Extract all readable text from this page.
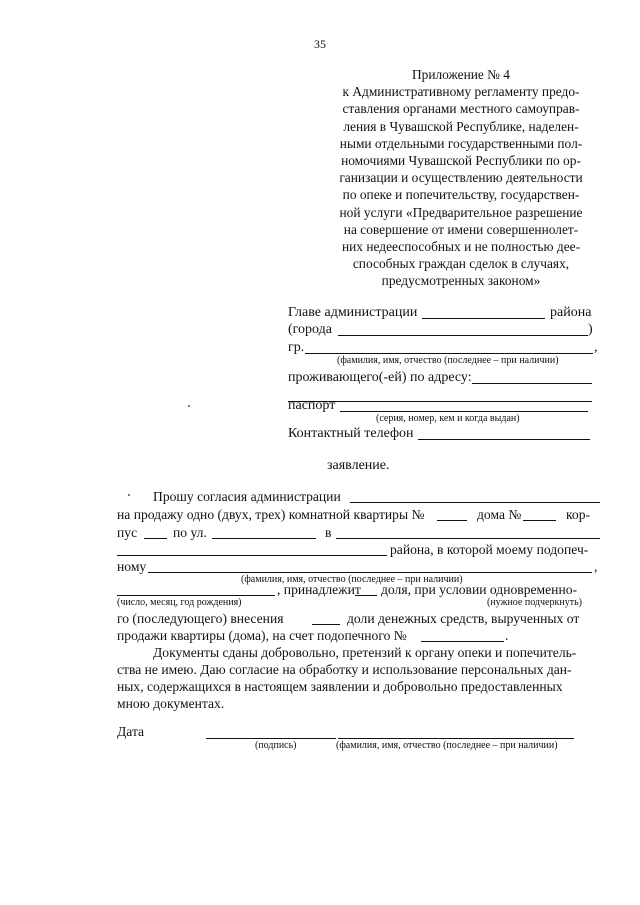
35
Приложение № 4
к Административному регламенту предо-
ставления органами местного самоуправ-
ления в Чувашской Республике, наделен-
ными отдельными государственными пол-
номочиями Чувашской Республики по ор-
ганизации и осуществлению деятельности
по опеке и попечительству, государствен-
ной услуги «Предварительное разрешение
на совершение от имени совершеннолет-
них недееспособных и не полностью дее-
способных граждан сделок в случаях,
предусмотренных законом»
Главе администрации	района
(города	)
гр.	,
(фамилия, имя, отчество (последнее – при наличии)
проживающего(-ей) по адресу:
паспорт
(серия, номер, кем и когда выдан)
Контактный телефон
заявление.
Прошу согласия администрации
на продажу одно (двух, трех) комнатной квартиры №	дома №	кор-
пус	по ул.	в
района, в которой моему подопеч-
ному	,
(фамилия, имя, отчество (последнее – при наличии)
, принадлежит доля, при условии одновременно-
(число, месяц, год рождения)	(нужное подчеркнуть)
го (последующего) внесения	доли денежных средств, вырученных от
продажи квартиры (дома), на счет подопечного №	.
Документы сданы добровольно, претензий к органу опеки и попечитель-
ства не имею. Даю согласие на обработку и использование персональных дан-
ных, содержащихся в настоящем заявлении и добровольно предоставленных
мною документах.
Дата
(подпись)	(фамилия, имя, отчество (последнее – при наличии)
